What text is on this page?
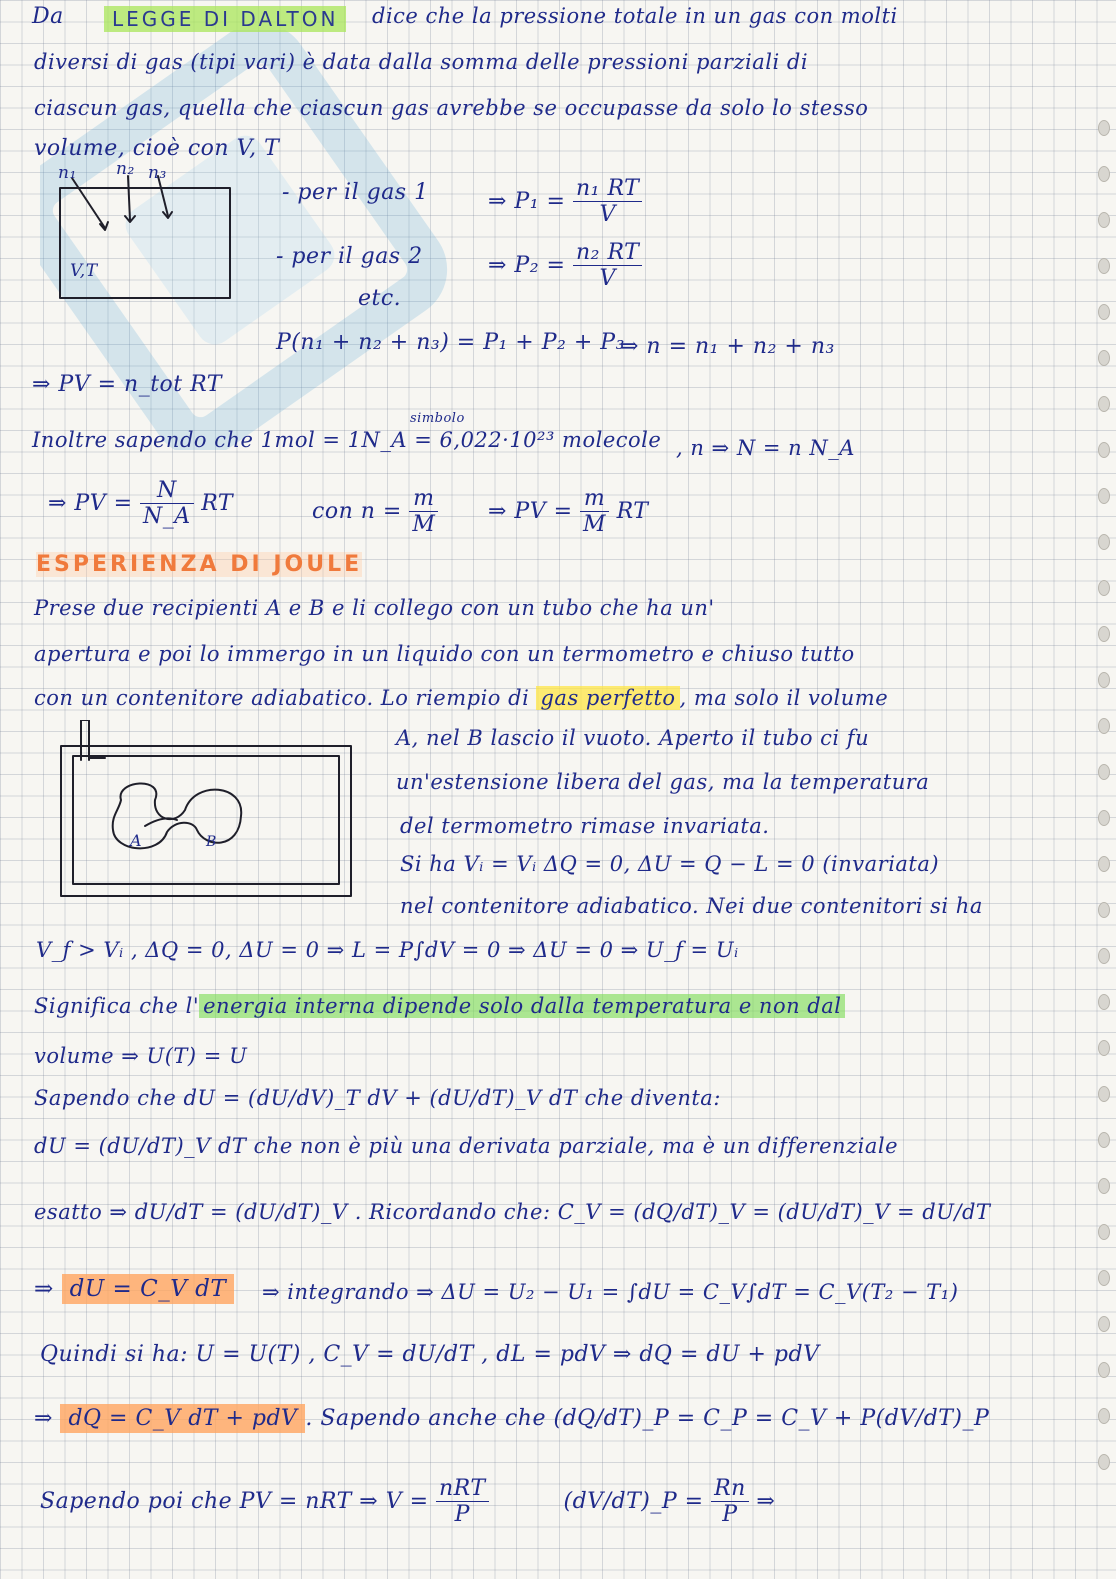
Da	LEGGE DI DALTON	dice che la pressione totale in un gas con molti
diversi di gas (tipi vari) è data dalla somma delle pressioni parziali di
ciascun gas, quella che ciascun gas avrebbe se occupasse da solo lo stesso
volume, cioè con V, T
n₁ n₂ n₃
V,T
- per il gas 1	⇒ $P_1 = \frac{\text{n₁ RT}}{V}$
- per il gas 2	⇒ $P_2 = \frac{\text{n₂ RT}}{V}$
etc.
P(n₁ + n₂ + n₃) = P₁ + P₂ + P₃
⇒ n = n₁ + n₂ + n₃
⇒ PV = n_tot RT
simbolo
Inoltre sapendo che 1mol = 1N_A = 6,022·10²³ molecole , n ⇒ N = n N_A
⇒ PV = $\frac{N}{N\_A}$ RT	con $n = \frac{m}{M}$ ⇒ PV = $\frac{m}{M}$ RT
ESPERIENZA DI JOULE
Prese due recipienti A e B e li collego con un tubo che ha un'
apertura e poi lo immergo in un liquido con un termometro e chiuso tutto
con un contenitore adiabatico. Lo riempio di gas perfetto , ma solo il volume
A	B
A, nel B lascio il vuoto. Aperto il tubo ci fu
un'estensione libera del gas, ma la temperatura
del termometro rimase invariata.
Si ha Vᵢ = Vᵢ ΔQ = 0, ΔU = Q − L = 0 (invariata)
nel contenitore adiabatico. Nei due contenitori si ha
V_f > Vᵢ , ΔQ = 0, ΔU = 0 ⇒ L = P∫dV = 0 ⇒ ΔU = 0 ⇒ U_f = Uᵢ
Significa che l' energia interna dipende solo dalla temperatura e non dal
volume ⇒ U(T) = U
Sapendo che dU = (dU/dV)_T dV + (dU/dT)_V dT che diventa:
dU = (dU/dT)_V dT che non è più una derivata parziale, ma è un differenziale
esatto ⇒ dU/dT = (dU/dT)_V . Ricordando che: C_V = (dQ/dT)_V = (dU/dT)_V = dU/dT
⇒ dU = C_V dT	⇒ integrando ⇒ ΔU = U₂ − U₁ = ∫dU = C_V∫dT = C_V(T₂ − T₁)
Quindi si ha: U = U(T) , C_V = dU/dT , dL = pdV ⇒ dQ = dU + pdV
⇒ dQ = C_V dT + pdV . Sapendo anche che (dQ/dT)_P = C_P = C_V + P(dV/dT)_P
Sapendo poi che PV = nRT ⇒ $V = \frac{\text{nRT}}{P}$	(dV/dT)_P = $\frac{Rn}{P}$ ⇒
